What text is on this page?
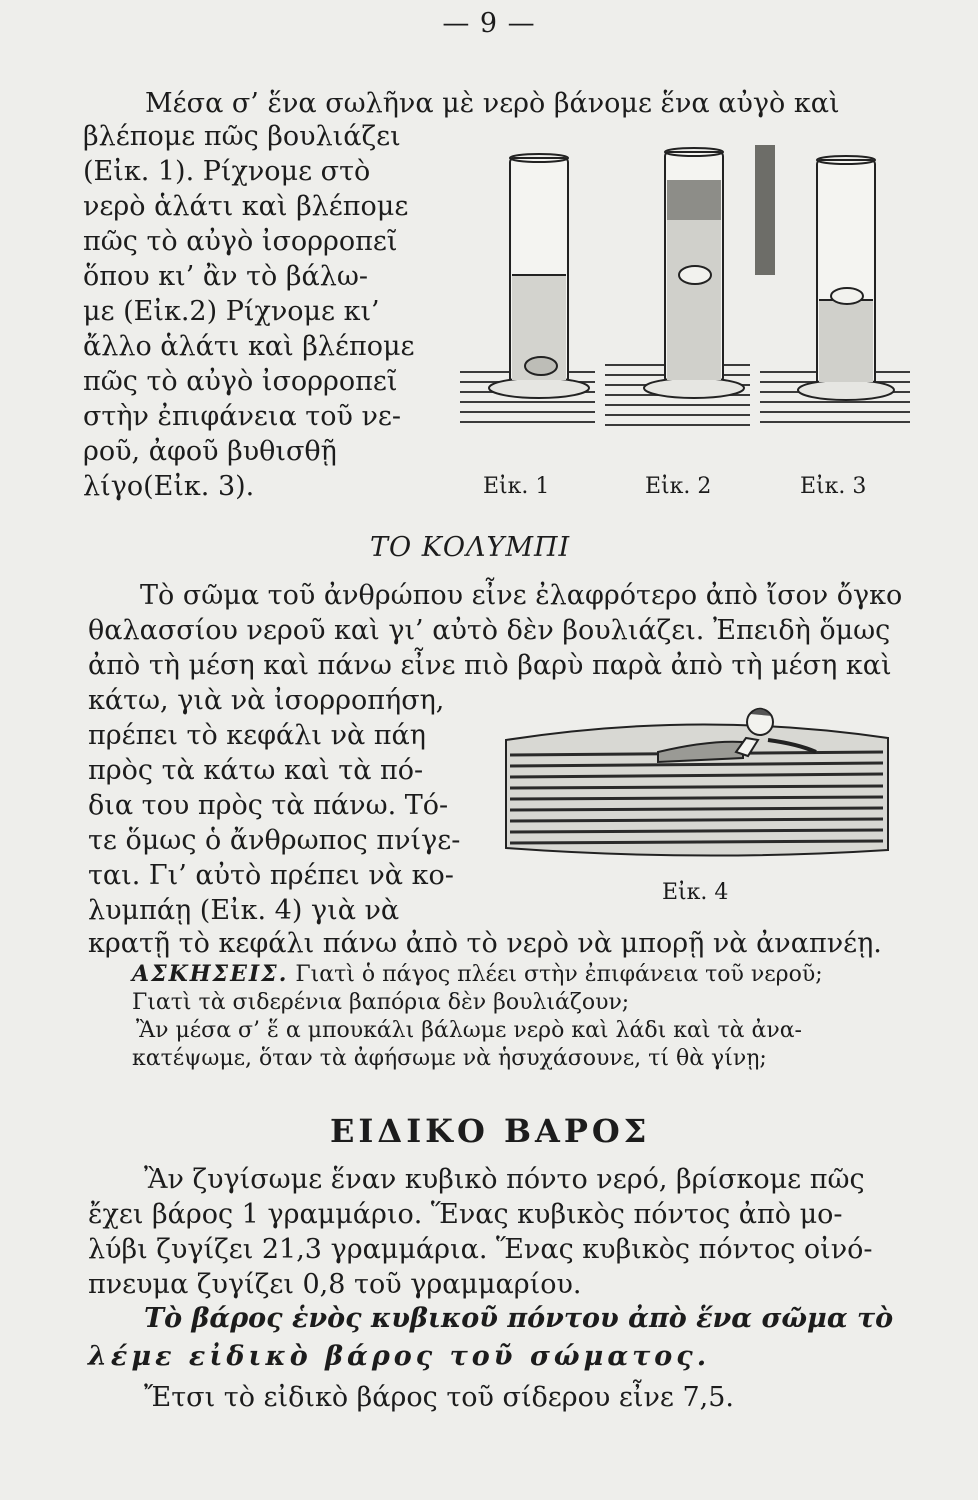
— 9 —
Μέσα σ’ ἕνα σωλῆνα μὲ νερὸ βάνομε ἕνα αὐγὸ καὶ
βλέπομε πῶς βουλιάζει
(Εἰκ. 1). Ρίχνομε στὸ
νερὸ ἁλάτι καὶ βλέπομε
πῶς τὸ αὐγὸ ἰσορροπεῖ
ὅπου κι’ ἂν τὸ βάλω-
με (Εἰκ.2) Ρίχνομε κι’
ἄλλο ἁλάτι καὶ βλέπομε
πῶς τὸ αὐγὸ ἰσορροπεῖ
στὴν ἐπιφάνεια τοῦ νε-
ροῦ, ἀφοῦ βυθισθῇ
λίγο(Εἰκ. 3).	Εἰκ. 1	Εἰκ. 2	Εἰκ. 3
ΤΟ ΚΟΛΥΜΠΙ
Τὸ σῶμα τοῦ ἀνθρώπου εἶνε ἐλαφρότερο ἀπὸ ἴσον ὄγκο
θαλασσίου νεροῦ καὶ γι’ αὐτὸ δὲν βουλιάζει. Ἐπειδὴ ὅμως
ἀπὸ τὴ μέση καὶ πάνω εἶνε πιὸ βαρὺ παρὰ ἀπὸ τὴ μέση καὶ
κάτω, γιὰ νὰ ἰσορροπήση,
πρέπει τὸ κεφάλι νὰ πάη
πρὸς τὰ κάτω καὶ τὰ πό-
δια του πρὸς τὰ πάνω. Τό-
τε ὅμως ὁ ἄνθρωπος πνίγε-
ται. Γι’ αὐτὸ πρέπει νὰ κο-
λυμπάῃ (Εἰκ. 4) γιὰ νὰ
Εἰκ. 4
κρατῇ τὸ κεφάλι πάνω ἀπὸ τὸ νερὸ νὰ μπορῇ νὰ ἀναπνέῃ.
ΑΣΚΗΣΕΙΣ. Γιατὶ ὁ πάγος πλέει στὴν ἐπιφάνεια τοῦ νεροῦ;
Γιατὶ τὰ σιδερένια βαπόρια δὲν βουλιάζουν;
Ἂν μέσα σ’ ἕ α μπουκάλι βάλωμε νερὸ καὶ λάδι καὶ τὰ ἀνα-
κατέψωμε, ὅταν τὰ ἀφήσωμε νὰ ἡσυχάσουνε, τί θὰ γίνῃ;
ΕΙΔΙΚΟ ΒΑΡΟΣ
Ἂν ζυγίσωμε ἕναν κυβικὸ πόντο νερό, βρίσκομε πῶς
ἔχει βάρος 1 γραμμάριο. Ἕνας κυβικὸς πόντος ἀπὸ μο-
λύβι ζυγίζει 21,3 γραμμάρια. Ἕνας κυβικὸς πόντος οἰνό-
πνευμα ζυγίζει 0,8 τοῦ γραμμαρίου.
Τὸ βάρος ἑνὸς κυβικοῦ πόντου ἀπὸ ἕνα σῶμα τὸ
λέμε εἰδικὸ βάρος τοῦ σώματος.
Ἔτσι τὸ εἰδικὸ βάρος τοῦ σίδερου εἶνε 7,5.
